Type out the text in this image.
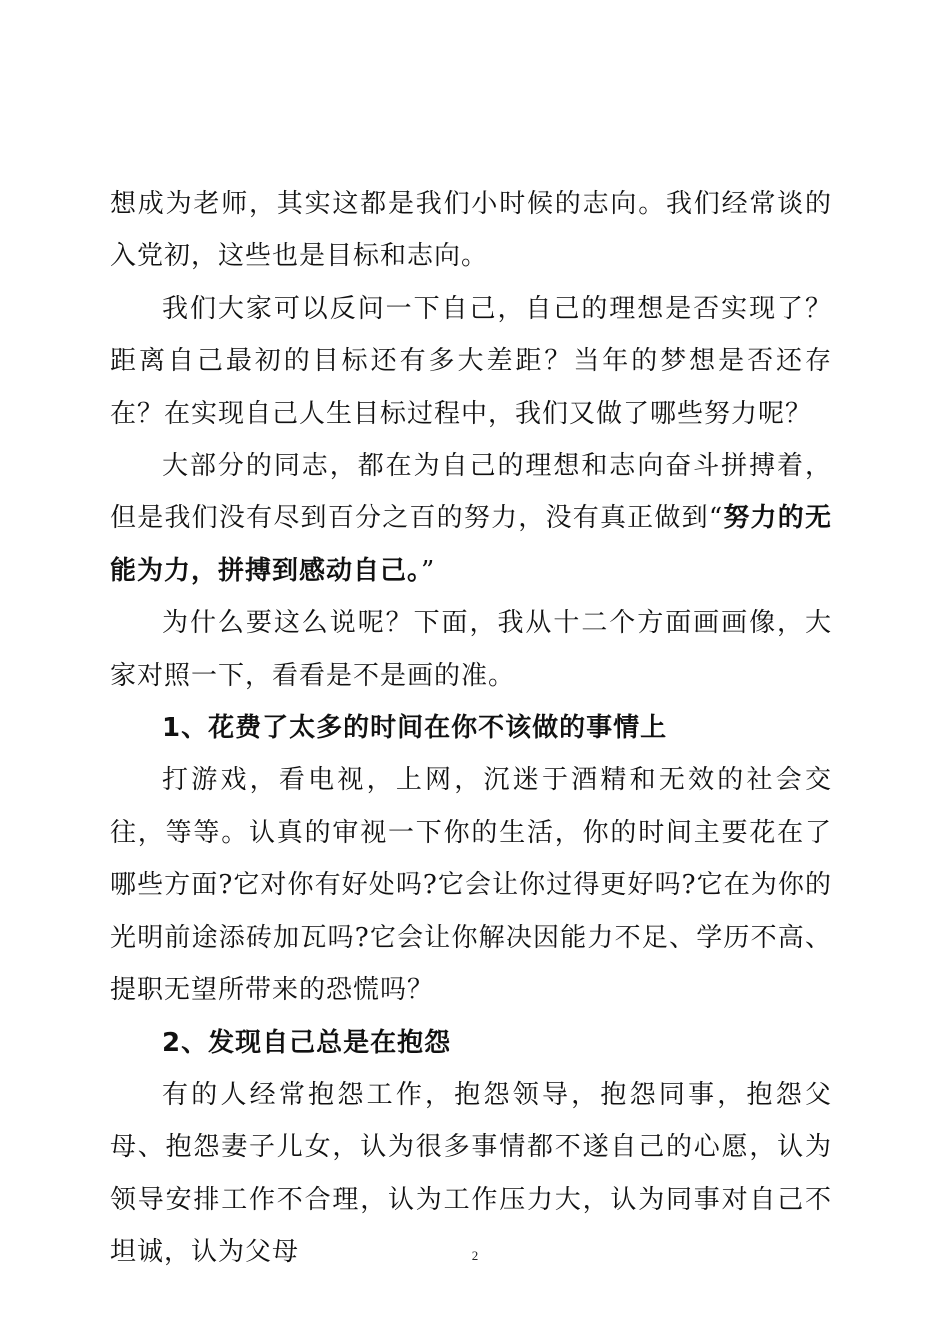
想成为老师，其实这都是我们小时候的志向。我们经常谈的入党初，这些也是目标和志向。

我们大家可以反问一下自己，自己的理想是否实现了？距离自己最初的目标还有多大差距？当年的梦想是否还存在？在实现自己人生目标过程中，我们又做了哪些努力呢？

大部分的同志，都在为自己的理想和志向奋斗拼搏着，但是我们没有尽到百分之百的努力，没有真正做到“努力的无能为力，拼搏到感动自己。”

为什么要这么说呢？下面，我从十二个方面画画像，大家对照一下，看看是不是画的准。

1、花费了太多的时间在你不该做的事情上

打游戏，看电视，上网，沉迷于酒精和无效的社会交往，等等。认真的审视一下你的生活，你的时间主要花在了哪些方面?它对你有好处吗?它会让你过得更好吗?它在为你的光明前途添砖加瓦吗?它会让你解决因能力不足、学历不高、提职无望所带来的恐慌吗？

2、发现自己总是在抱怨

有的人经常抱怨工作，抱怨领导，抱怨同事，抱怨父母、抱怨妻子儿女，认为很多事情都不遂自己的心愿，认为领导安排工作不合理，认为工作压力大，认为同事对自己不坦诚，认为父母	2
